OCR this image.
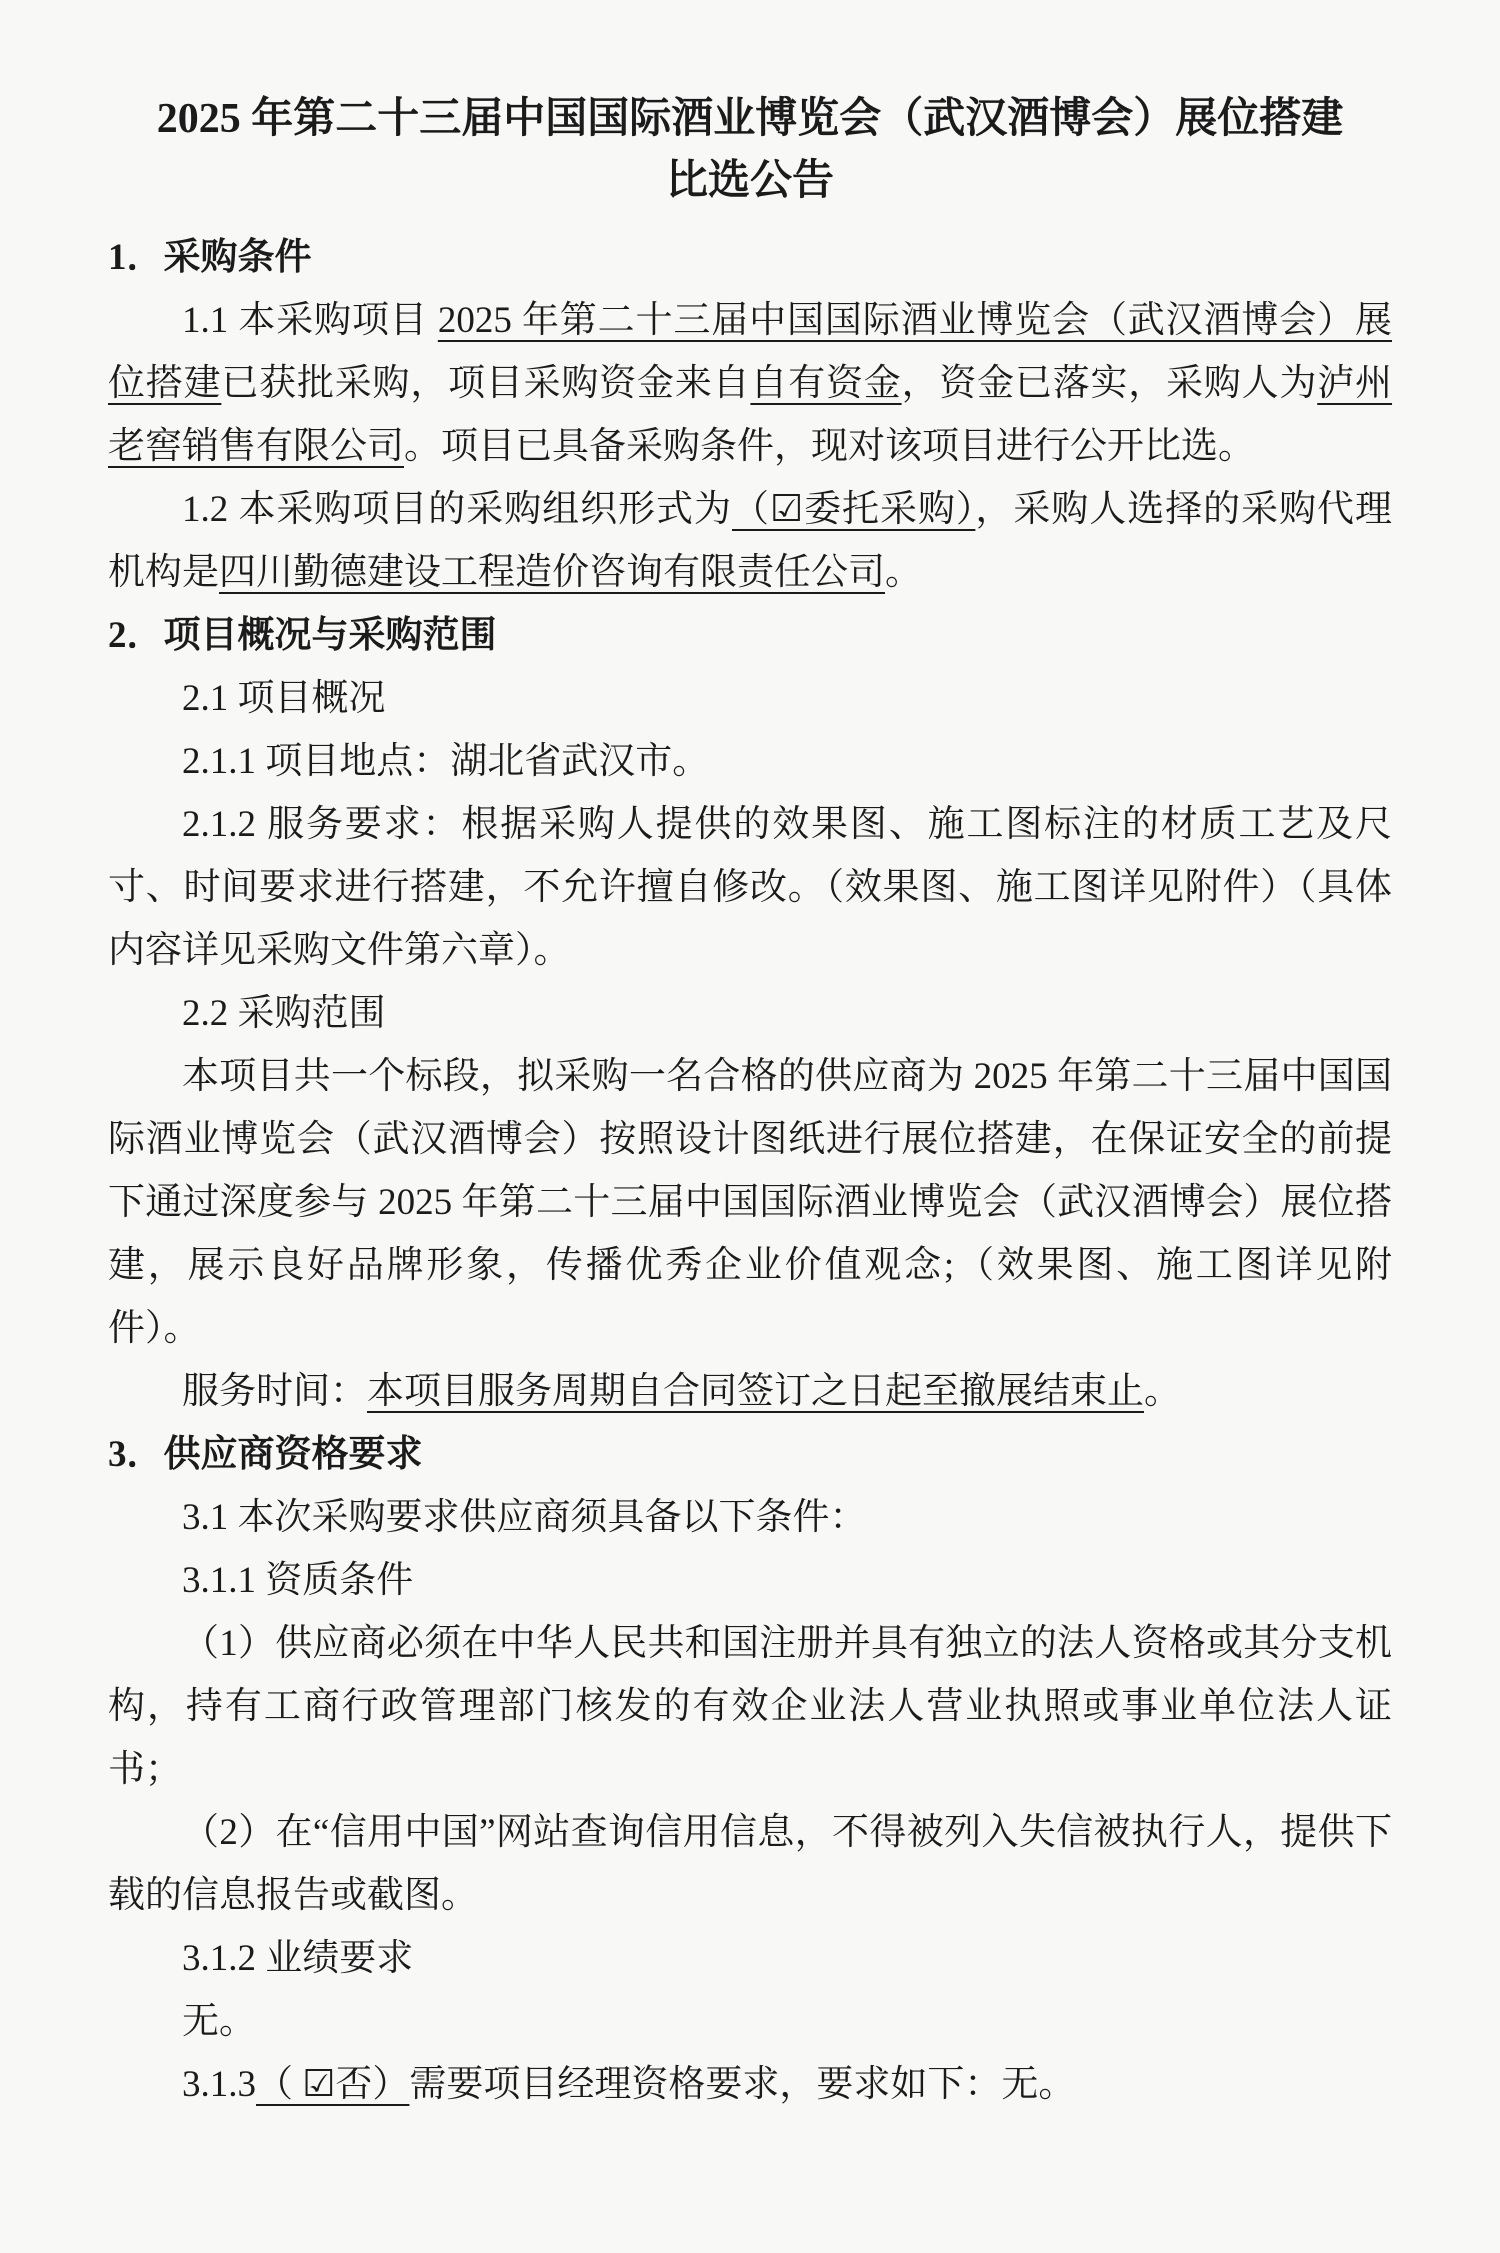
2025 年第二十三届中国国际酒业博览会（武汉酒博会）展位搭建
比选公告

1．采购条件

1.1 本采购项目 2025 年第二十三届中国国际酒业博览会（武汉酒博会）展位搭建已获批采购，项目采购资金来自自有资金，资金已落实，采购人为泸州老窖销售有限公司。项目已具备采购条件，现对该项目进行公开比选。

1.2 本采购项目的采购组织形式为（☑委托采购），采购人选择的采购代理机构是四川勤德建设工程造价咨询有限责任公司。

2．项目概况与采购范围

2.1 项目概况

2.1.1 项目地点：湖北省武汉市。

2.1.2 服务要求：根据采购人提供的效果图、施工图标注的材质工艺及尺寸、时间要求进行搭建，不允许擅自修改。（效果图、施工图详见附件）（具体内容详见采购文件第六章）。

2.2 采购范围

本项目共一个标段，拟采购一名合格的供应商为 2025 年第二十三届中国国际酒业博览会（武汉酒博会）按照设计图纸进行展位搭建，在保证安全的前提下通过深度参与 2025 年第二十三届中国国际酒业博览会（武汉酒博会）展位搭建，展示良好品牌形象，传播优秀企业价值观念;（效果图、施工图详见附件）。

服务时间：本项目服务周期自合同签订之日起至撤展结束止。

3．供应商资格要求

3.1 本次采购要求供应商须具备以下条件：

3.1.1 资质条件

（1）供应商必须在中华人民共和国注册并具有独立的法人资格或其分支机构，持有工商行政管理部门核发的有效企业法人营业执照或事业单位法人证书；

（2）在“信用中国”网站查询信用信息，不得被列入失信被执行人，提供下载的信息报告或截图。

3.1.2 业绩要求

无。

3.1.3（ ☑否）需要项目经理资格要求，要求如下：无。
